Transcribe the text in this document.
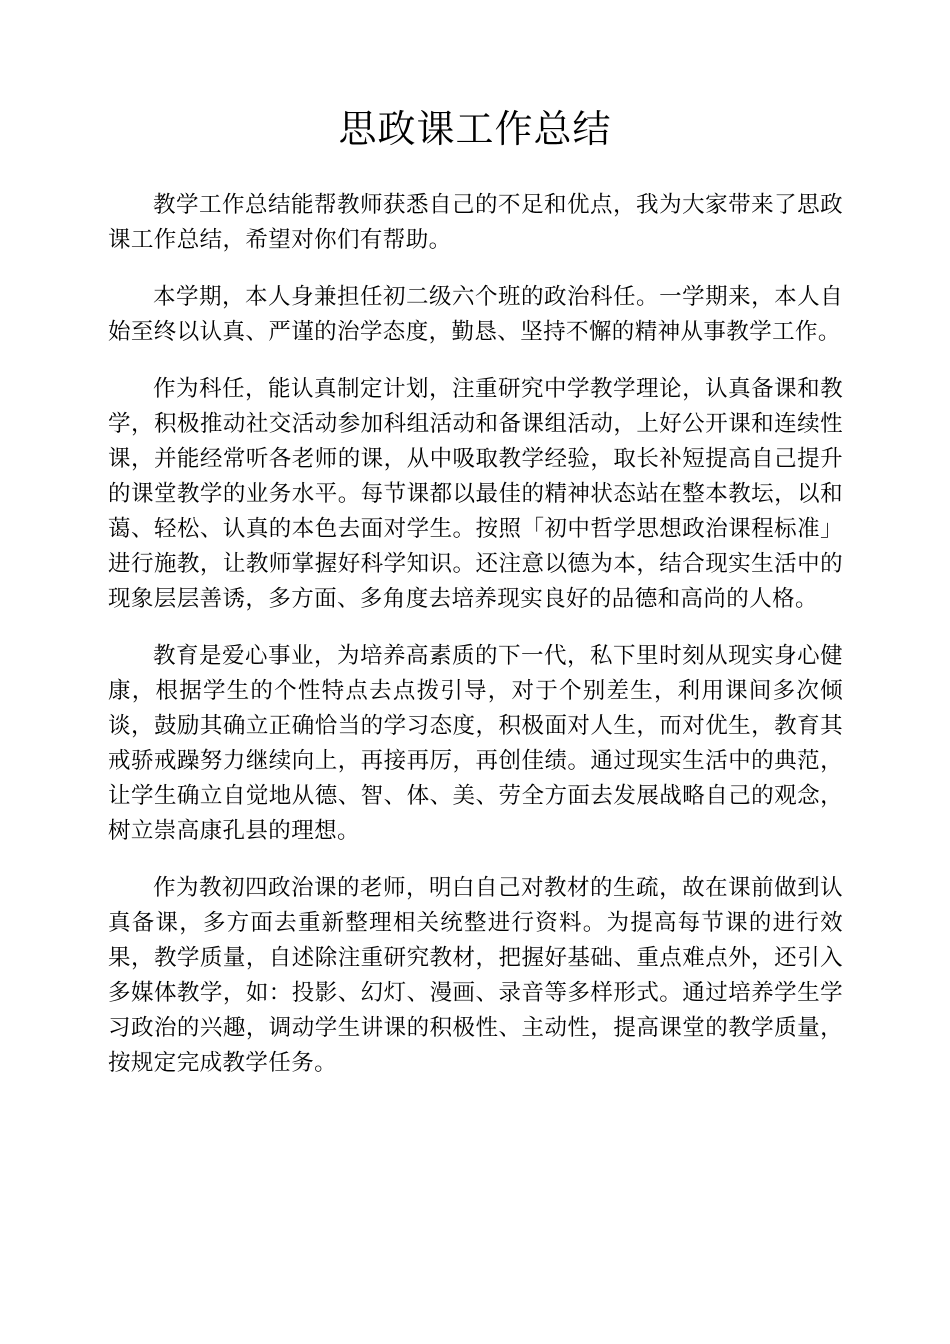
思政课工作总结

教学工作总结能帮教师获悉自己的不足和优点，我为大家带来了思政课工作总结，希望对你们有帮助。

本学期，本人身兼担任初二级六个班的政治科任。一学期来，本人自始至终以认真、严谨的治学态度，勤恳、坚持不懈的精神从事教学工作。

作为科任，能认真制定计划，注重研究中学教学理论，认真备课和教学，积极推动社交活动参加科组活动和备课组活动，上好公开课和连续性课，并能经常听各老师的课，从中吸取教学经验，取长补短提高自己提升的课堂教学的业务水平。每节课都以最佳的精神状态站在整本教坛，以和蔼、轻松、认真的本色去面对学生。按照「初中哲学思想政治课程标准」进行施教，让教师掌握好科学知识。还注意以德为本，结合现实生活中的现象层层善诱，多方面、多角度去培养现实良好的品德和高尚的人格。

教育是爱心事业，为培养高素质的下一代，私下里时刻从现实身心健康，根据学生的个性特点去点拨引导，对于个别差生，利用课间多次倾谈，鼓励其确立正确恰当的学习态度，积极面对人生，而对优生，教育其戒骄戒躁努力继续向上，再接再厉，再创佳绩。通过现实生活中的典范，让学生确立自觉地从德、智、体、美、劳全方面去发展战略自己的观念，树立崇高康孔县的理想。

作为教初四政治课的老师，明白自己对教材的生疏，故在课前做到认真备课，多方面去重新整理相关统整进行资料。为提高每节课的进行效果，教学质量，自述除注重研究教材，把握好基础、重点难点外，还引入多媒体教学，如：投影、幻灯、漫画、录音等多样形式。通过培养学生学习政治的兴趣，调动学生讲课的积极性、主动性，提高课堂的教学质量，按规定完成教学任务。
